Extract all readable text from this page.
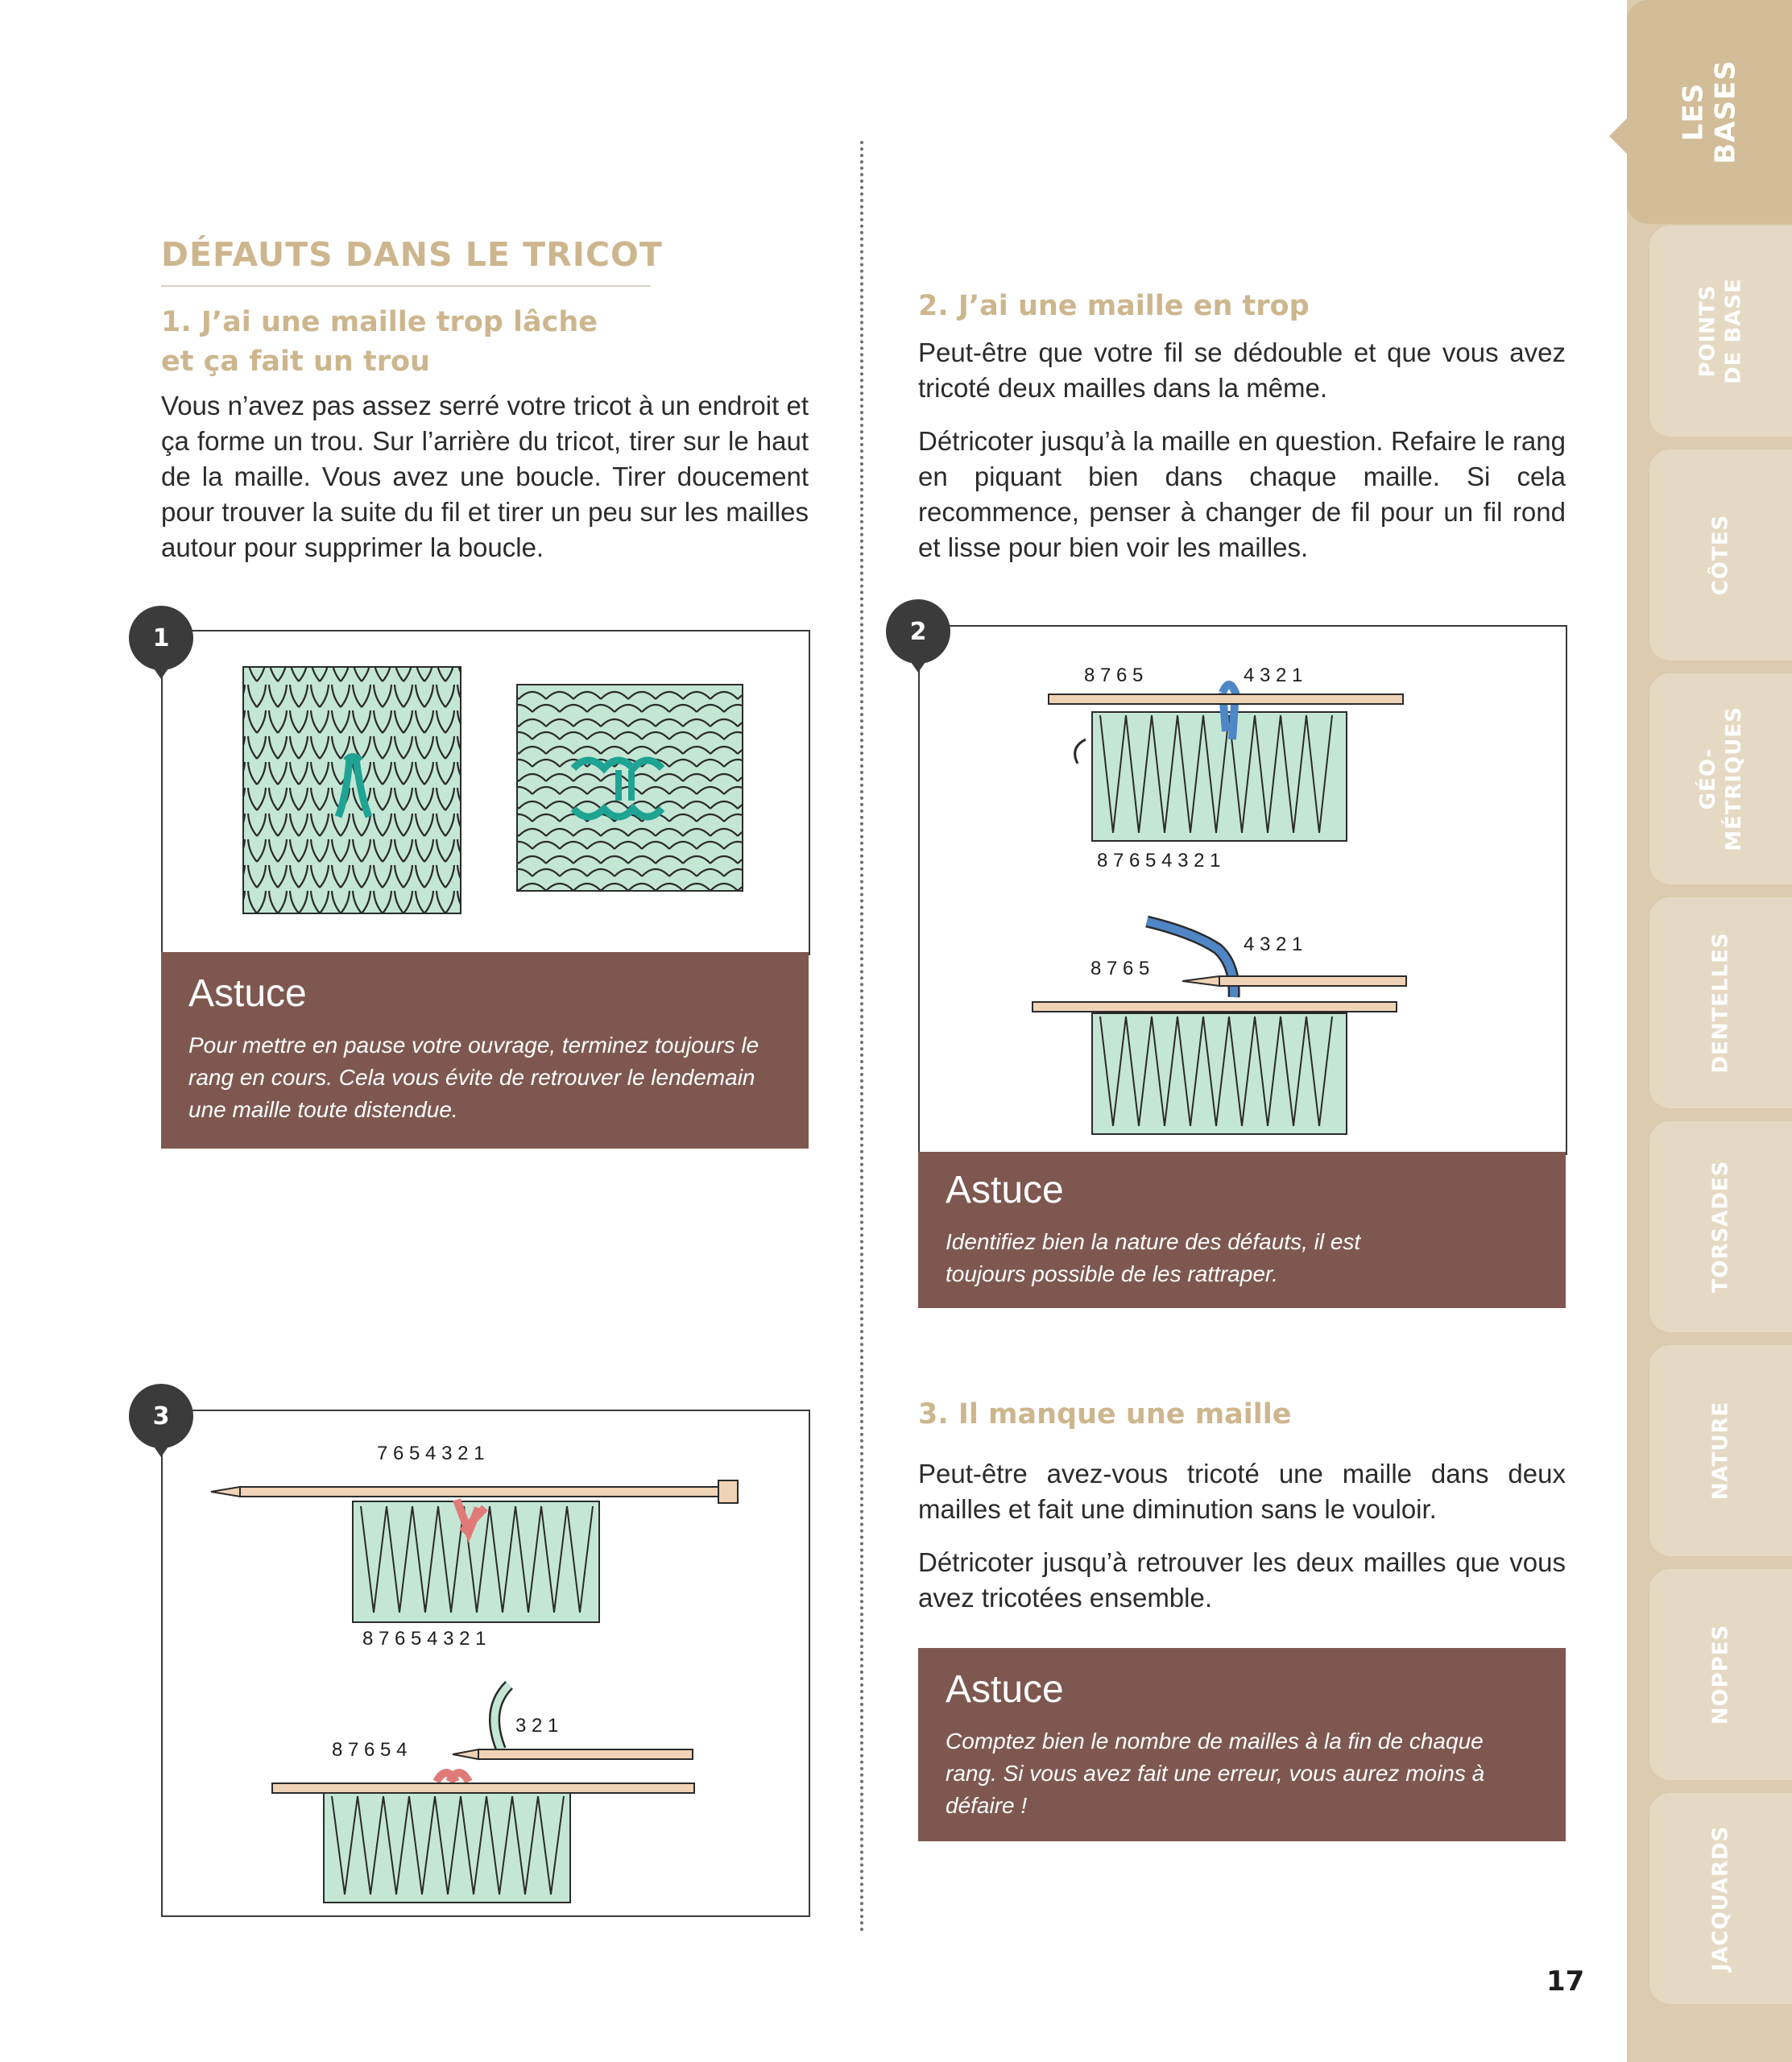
DÉFAUTS DANS LE TRICOT
1. J’ai une maille trop lâche
et ça fait un trou

Vous n’avez pas assez serré votre tricot à un endroit et ça forme un trou. Sur l’arrière du tricot, tirer sur le haut de la maille. Vous avez une boucle. Tirer doucement pour trouver la suite du fil et tirer un peu sur les mailles autour pour supprimer la boucle.

1
Astuce
Pour mettre en pause votre ouvrage, terminez toujours le rang en cours. Cela vous évite de retrouver le lendemain une maille toute distendue.
7 6 5 4 3 2 1
8 7 6 5 4 3 2 1
3 2 1
8 7 6 5 4
3
2. J’ai une maille en trop

Peut-être que votre fil se dédouble et que vous avez tricoté deux mailles dans la même.

Détricoter jusqu’à la maille en question. Refaire le rang en piquant bien dans chaque maille. Si cela recommence, penser à changer de fil pour un fil rond et lisse pour bien voir les mailles.

8 7 6 5	4 3 2 1
8 7 6 5 4 3 2 1
4 3 2 1
8 7 6 5
2
Astuce
Identifiez bien la nature des défauts, il est toujours possible de les rattraper.
3. Il manque une maille

Peut-être avez-vous tricoté une maille dans deux mailles et fait une diminution sans le vouloir.

Détricoter jusqu’à retrouver les deux mailles que vous avez tricotées ensemble.

Astuce
Comptez bien le nombre de mailles à la fin de chaque rang. Si vous avez fait une erreur, vous aurez moins à défaire !
LES BASES
POINTS
DE BASE
CÔTES
GÉO-
MÉTRIQUES
DENTELLES
TORSADES
NATURE
NOPPES
JACQUARDS
17
